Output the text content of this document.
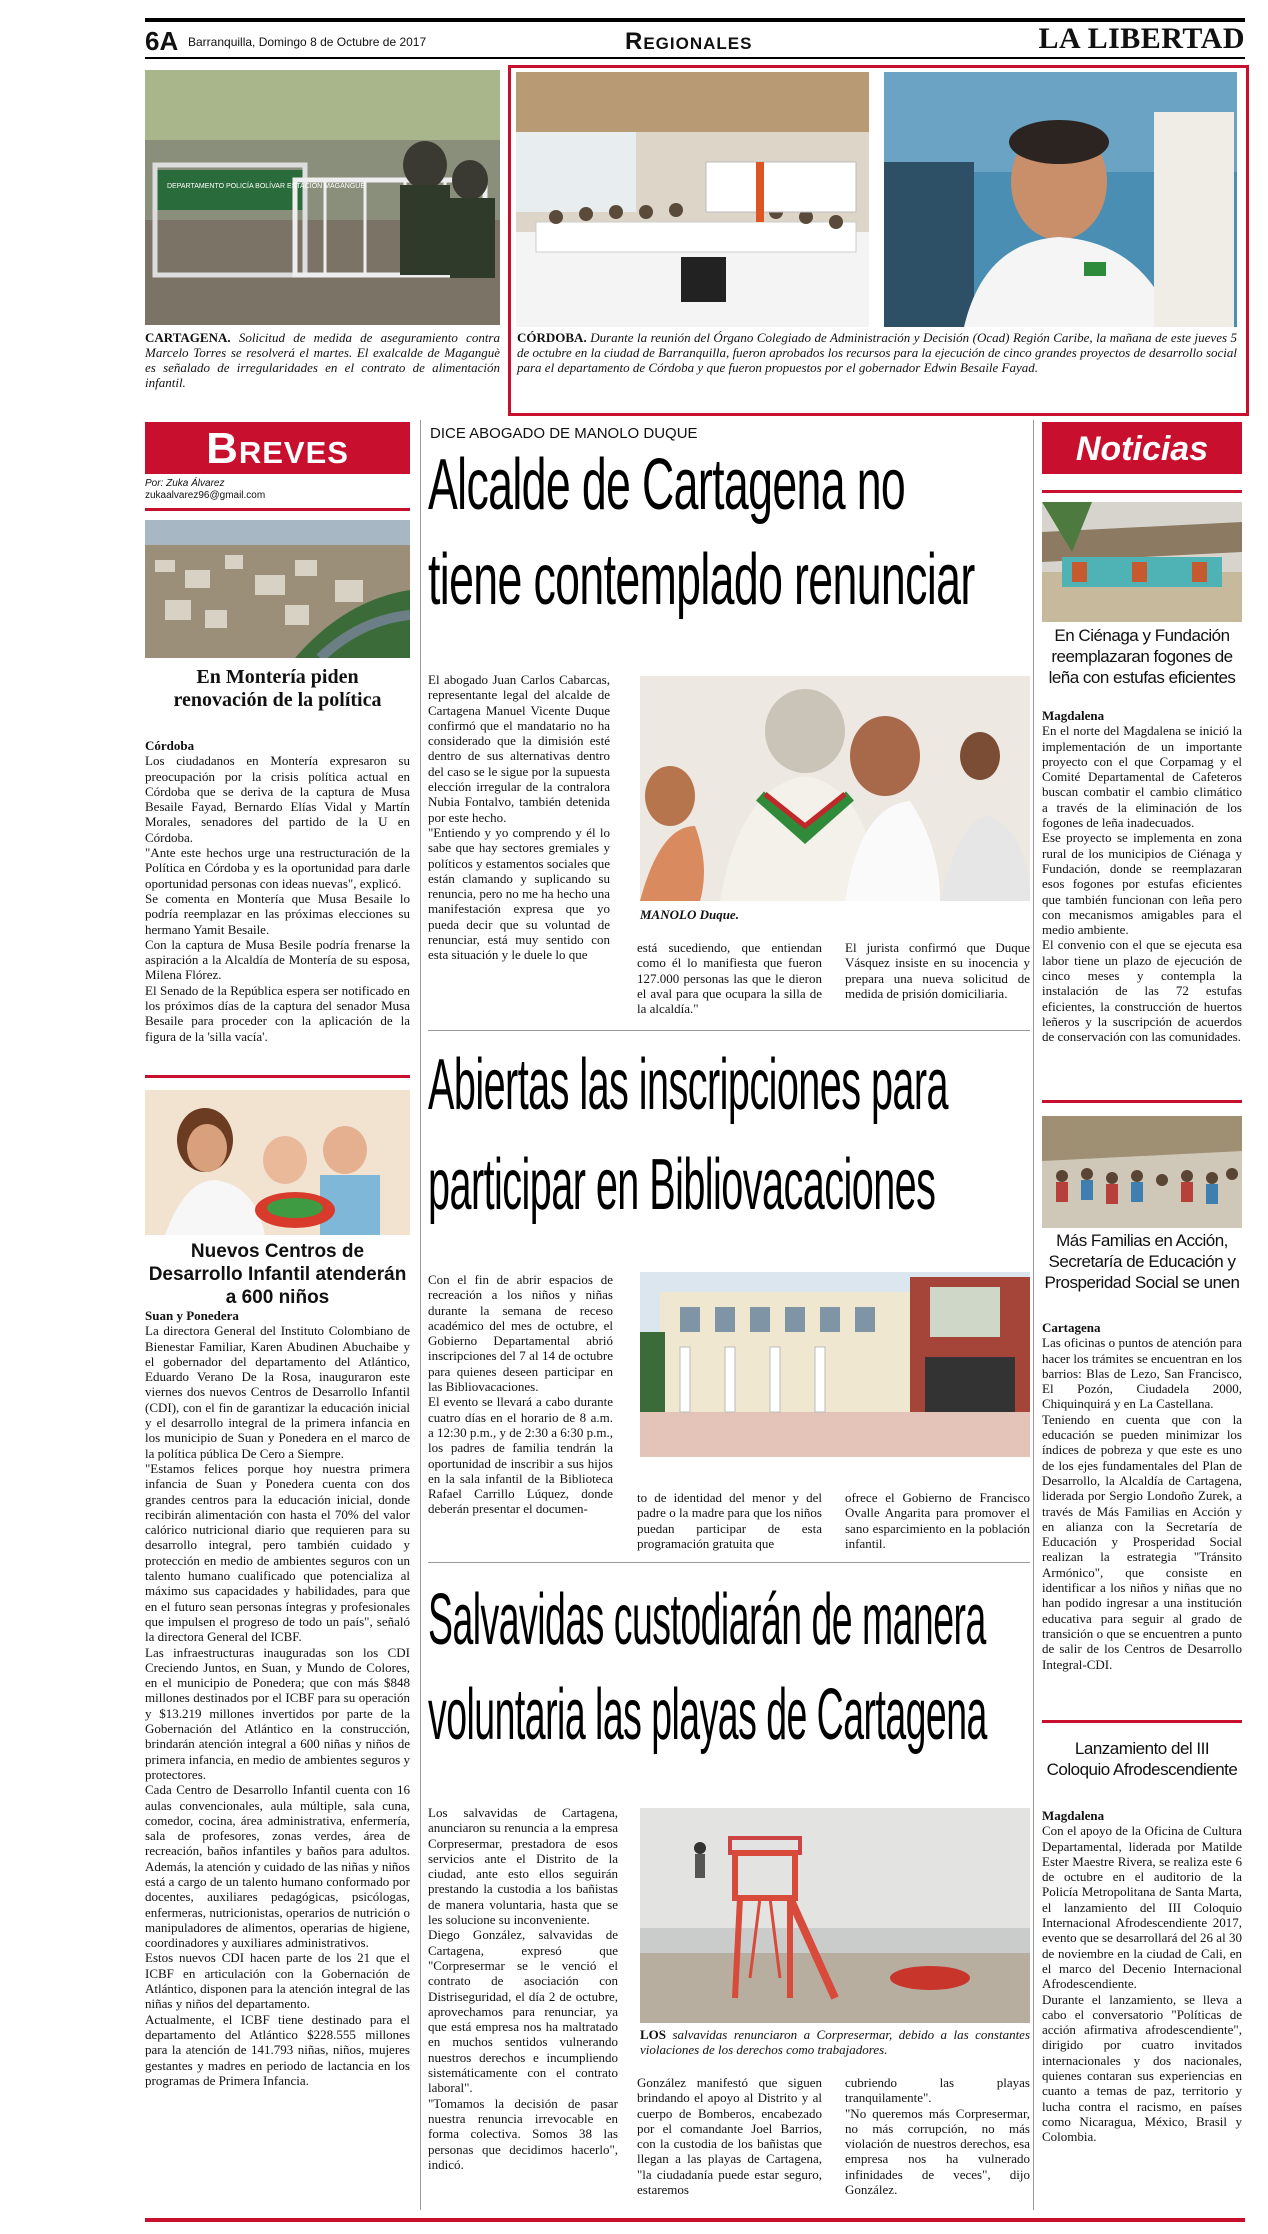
6A Barranquilla, Domingo 8 de Octubre de 2017	Regionales	LA LIBERTAD
DEPARTAMENTO POLICÍA BOLÍVAR ESTACIÓN MAGANGUÉ
CARTAGENA. Solicitud de medida de aseguramiento contra Marcelo Torres se resolverá el martes. El exalcalde de Maganguè es señalado de irregularidades en el contrato de alimentación infantil.
CÓRDOBA. Durante la reunión del Órgano Colegiado de Administración y Decisión (Ocad) Región Caribe, la mañana de este jueves 5 de octubre en la ciudad de Barranquilla, fueron aprobados los recursos para la ejecución de cinco grandes proyectos de desarrollo social para el departamento de Córdoba y que fueron propuestos por el gobernador Edwin Besaile Fayad.
Breves
Por: Zuka Álvarez
zukaalvarez96@gmail.com
En Montería piden renovación de la política
Córdoba

Los ciudadanos en Montería expresaron su preocupación por la crisis política actual en Córdoba que se deriva de la captura de Musa Besaile Fayad, Bernardo Elías Vidal y Martín Morales, senadores del partido de la U en Córdoba.

"Ante este hechos urge una restructuración de la Política en Córdoba y es la oportunidad para darle oportunidad personas con ideas nuevas", explicó.

Se comenta en Montería que Musa Besaile lo podría reemplazar en las próximas elecciones su hermano Yamit Besaile.

Con la captura de Musa Besile podría frenarse la aspiración a la Alcaldía de Montería de su esposa, Milena Flórez.

El Senado de la República espera ser notificado en los próximos días de la captura del senador Musa Besaile para proceder con la aplicación de la figura de la 'silla vacía'.

Nuevos Centros de Desarrollo Infantil atenderán a 600 niños
Suan y Ponedera

La directora General del Instituto Colombiano de Bienestar Familiar, Karen Abudinen Abuchaibe y el gobernador del departamento del Atlántico, Eduardo Verano De la Rosa, inauguraron este viernes dos nuevos Centros de Desarrollo Infantil (CDI), con el fin de garantizar la educación inicial y el desarrollo integral de la primera infancia en los municipio de Suan y Ponedera en el marco de la política pública De Cero a Siempre.

"Estamos felices porque hoy nuestra primera infancia de Suan y Ponedera cuenta con dos grandes centros para la educación inicial, donde recibirán alimentación con hasta el 70% del valor calórico nutricional diario que requieren para su desarrollo integral, pero también cuidado y protección en medio de ambientes seguros con un talento humano cualificado que potencializa al máximo sus capacidades y habilidades, para que en el futuro sean personas íntegras y profesionales que impulsen el progreso de todo un país", señaló la directora General del ICBF.

Las infraestructuras inauguradas son los CDI Creciendo Juntos, en Suan, y Mundo de Colores, en el municipio de Ponedera; que con más $848 millones destinados por el ICBF para su operación y $13.219 millones invertidos por parte de la Gobernación del Atlántico en la construcción, brindarán atención integral a 600 niñas y niños de primera infancia, en medio de ambientes seguros y protectores.

Cada Centro de Desarrollo Infantil cuenta con 16 aulas convencionales, aula múltiple, sala cuna, comedor, cocina, área administrativa, enfermería, sala de profesores, zonas verdes, área de recreación, baños infantiles y baños para adultos. Además, la atención y cuidado de las niñas y niños está a cargo de un talento humano conformado por docentes, auxiliares pedagógicas, psicólogas, enfermeras, nutricionistas, operarios de nutrición o manipuladores de alimentos, operarias de higiene, coordinadores y auxiliares administrativos.

Estos nuevos CDI hacen parte de los 21 que el ICBF en articulación con la Gobernación de Atlántico, disponen para la atención integral de las niñas y niños del departamento.

Actualmente, el ICBF tiene destinado para el departamento del Atlántico $228.555 millones para la atención de 141.793 niñas, niños, mujeres gestantes y madres en periodo de lactancia en los programas de Primera Infancia.

DICE ABOGADO DE MANOLO DUQUE
Alcalde de Cartagena no
tiene contemplado renunciar

El abogado Juan Carlos Cabarcas, representante legal del alcalde de Cartagena Manuel Vicente Duque confirmó que el mandatario no ha considerado que la dimisión esté dentro de sus alternativas dentro del caso se le sigue por la supuesta elección irregular de la contralora Nubia Fontalvo, también detenida por este hecho.

"Entiendo y yo comprendo y él lo sabe que hay sectores gremiales y políticos y estamentos sociales que están clamando y suplicando su renuncia, pero no me ha hecho una manifestación expresa que yo pueda decir que su voluntad de renunciar, está muy sentido con esta situación y le duele lo que

MANOLO Duque.

está sucediendo, que entiendan como él lo manifiesta que fueron 127.000 personas las que le dieron el aval para que ocupara la silla de la alcaldía."

El jurista confirmó que Duque Vásquez insiste en su inocencia y prepara una nueva solicitud de medida de prisión domiciliaria.

Abiertas las inscripciones para
participar en Bibliovacaciones

Con el fin de abrir espacios de recreación a los niños y niñas durante la semana de receso académico del mes de octubre, el Gobierno Departamental abrió inscripciones del 7 al 14 de octubre para quienes deseen participar en las Bibliovacaciones.

El evento se llevará a cabo durante cuatro días en el horario de 8 a.m. a 12:30 p.m., y de 2:30 a 6:30 p.m., los padres de familia tendrán la oportunidad de inscribir a sus hijos en la sala infantil de la Biblioteca Rafael Carrillo Lúquez, donde deberán presentar el documen-

to de identidad del menor y del padre o la madre para que los niños puedan participar de esta programación gratuita que

ofrece el Gobierno de Francisco Ovalle Angarita para promover el sano esparcimiento en la población infantil.

Salvavidas custodiarán de manera
voluntaria las playas de Cartagena

Los salvavidas de Cartagena, anunciaron su renuncia a la empresa Corpresermar, prestadora de esos servicios ante el Distrito de la ciudad, ante esto ellos seguirán prestando la custodia a los bañistas de manera voluntaria, hasta que se les solucione su inconveniente.

Diego González, salvavidas de Cartagena, expresó que "Corpresermar se le venció el contrato de asociación con Distriseguridad, el día 2 de octubre, aprovechamos para renunciar, ya que está empresa nos ha maltratado en muchos sentidos vulnerando nuestros derechos e incumpliendo sistemáticamente con el contrato laboral".

"Tomamos la decisión de pasar nuestra renuncia irrevocable en forma colectiva. Somos 38 las personas que decidimos hacerlo", indicó.

LOS salvavidas renunciaron a Corpresermar, debido a las constantes violaciones de los derechos como trabajadores.

González manifestó que siguen brindando el apoyo al Distrito y al cuerpo de Bomberos, encabezado por el comandante Joel Barrios, con la custodia de los bañistas que llegan a las playas de Cartagena, "la ciudadanía puede estar seguro, estaremos

cubriendo las playas tranquilamente".

"No queremos más Corpresermar, no más corrupción, no más violación de nuestros derechos, esa empresa nos ha vulnerado infinidades de veces", dijo González.

Noticias
En Ciénaga y Fundación reemplazaran fogones de leña con estufas eficientes
Magdalena

En el norte del Magdalena se inició la implementación de un importante proyecto con el que Corpamag y el Comité Departamental de Cafeteros buscan combatir el cambio climático a través de la eliminación de los fogones de leña inadecuados.

Ese proyecto se implementa en zona rural de los municipios de Ciénaga y Fundación, donde se reemplazaran esos fogones por estufas eficientes que también funcionan con leña pero con mecanismos amigables para el medio ambiente.

El convenio con el que se ejecuta esa labor tiene un plazo de ejecución de cinco meses y contempla la instalación de las 72 estufas eficientes, la construcción de huertos leñeros y la suscripción de acuerdos de conservación con las comunidades.

Más Familias en Acción, Secretaría de Educación y Prosperidad Social se unen
Cartagena

Las oficinas o puntos de atención para hacer los trámites se encuentran en los barrios: Blas de Lezo, San Francisco, El Pozón, Ciudadela 2000, Chiquinquirá y en La Castellana.

Teniendo en cuenta que con la educación se pueden minimizar los índices de pobreza y que este es uno de los ejes fundamentales del Plan de Desarrollo, la Alcaldía de Cartagena, liderada por Sergio Londoño Zurek, a través de Más Familias en Acción y en alianza con la Secretaría de Educación y Prosperidad Social realizan la estrategia "Tránsito Armónico", que consiste en identificar a los niños y niñas que no han podido ingresar a una institución educativa para seguir al grado de transición o que se encuentren a punto de salir de los Centros de Desarrollo Integral-CDI.

Lanzamiento del III Coloquio Afrodescendiente
Magdalena

Con el apoyo de la Oficina de Cultura Departamental, liderada por Matilde Ester Maestre Rivera, se realiza este 6 de octubre en el auditorio de la Policía Metropolitana de Santa Marta, el lanzamiento del III Coloquio Internacional Afrodescendiente 2017, evento que se desarrollará del 26 al 30 de noviembre en la ciudad de Cali, en el marco del Decenio Internacional Afrodescendiente.

Durante el lanzamiento, se lleva a cabo el conversatorio "Políticas de acción afirmativa afrodescendiente", dirigido por cuatro invitados internacionales y dos nacionales, quienes contaran sus experiencias en cuanto a temas de paz, territorio y lucha contra el racismo, en países como Nicaragua, México, Brasil y Colombia.
